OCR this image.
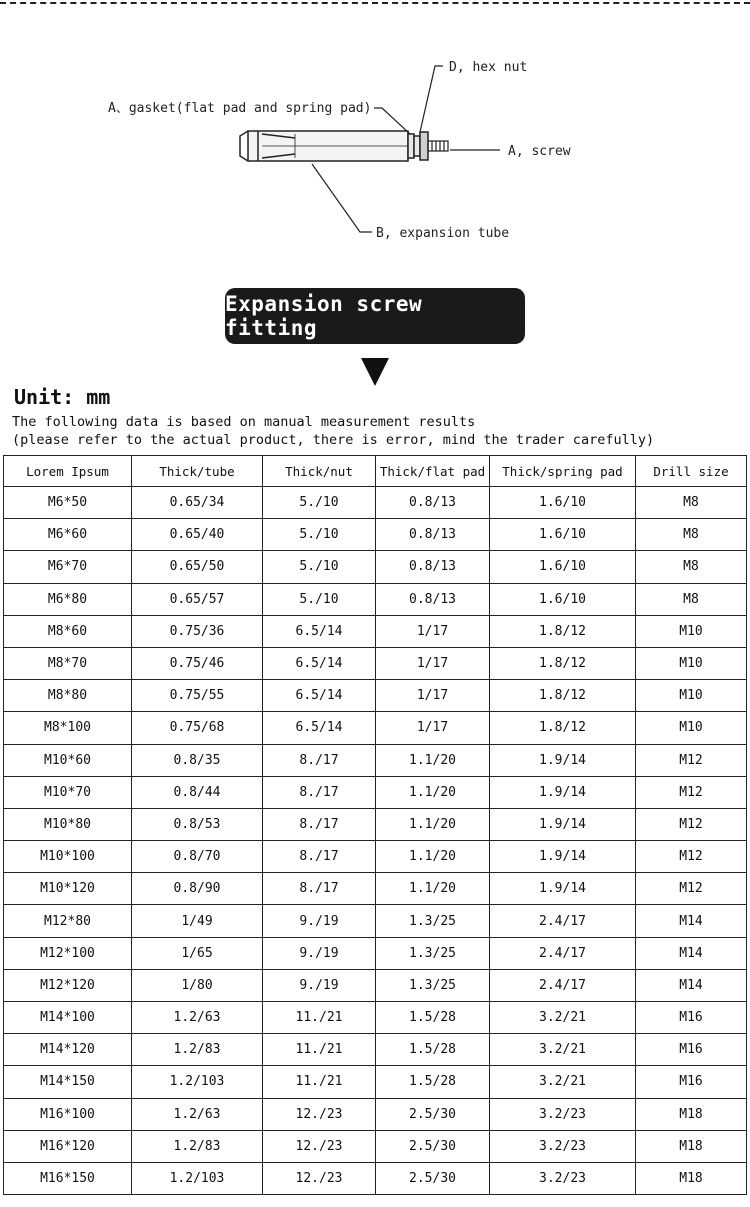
D, hex nut
A、gasket(flat pad and spring pad)
A, screw
B, expansion tube
Expansion screw fitting
Unit: mm
The following data is based on manual measurement results
(please refer to the actual product, there is error, mind the trader carefully)
Lorem Ipsum	Thick/tube	Thick/nut	Thick/flat pad	Thick/spring pad	Drill size
M6*50	0.65/34	5./10	0.8/13	1.6/10	M8
M6*60	0.65/40	5./10	0.8/13	1.6/10	M8
M6*70	0.65/50	5./10	0.8/13	1.6/10	M8
M6*80	0.65/57	5./10	0.8/13	1.6/10	M8
M8*60	0.75/36	6.5/14	1/17	1.8/12	M10
M8*70	0.75/46	6.5/14	1/17	1.8/12	M10
M8*80	0.75/55	6.5/14	1/17	1.8/12	M10
M8*100	0.75/68	6.5/14	1/17	1.8/12	M10
M10*60	0.8/35	8./17	1.1/20	1.9/14	M12
M10*70	0.8/44	8./17	1.1/20	1.9/14	M12
M10*80	0.8/53	8./17	1.1/20	1.9/14	M12
M10*100	0.8/70	8./17	1.1/20	1.9/14	M12
M10*120	0.8/90	8./17	1.1/20	1.9/14	M12
M12*80	1/49	9./19	1.3/25	2.4/17	M14
M12*100	1/65	9./19	1.3/25	2.4/17	M14
M12*120	1/80	9./19	1.3/25	2.4/17	M14
M14*100	1.2/63	11./21	1.5/28	3.2/21	M16
M14*120	1.2/83	11./21	1.5/28	3.2/21	M16
M14*150	1.2/103	11./21	1.5/28	3.2/21	M16
M16*100	1.2/63	12./23	2.5/30	3.2/23	M18
M16*120	1.2/83	12./23	2.5/30	3.2/23	M18
M16*150	1.2/103	12./23	2.5/30	3.2/23	M18
